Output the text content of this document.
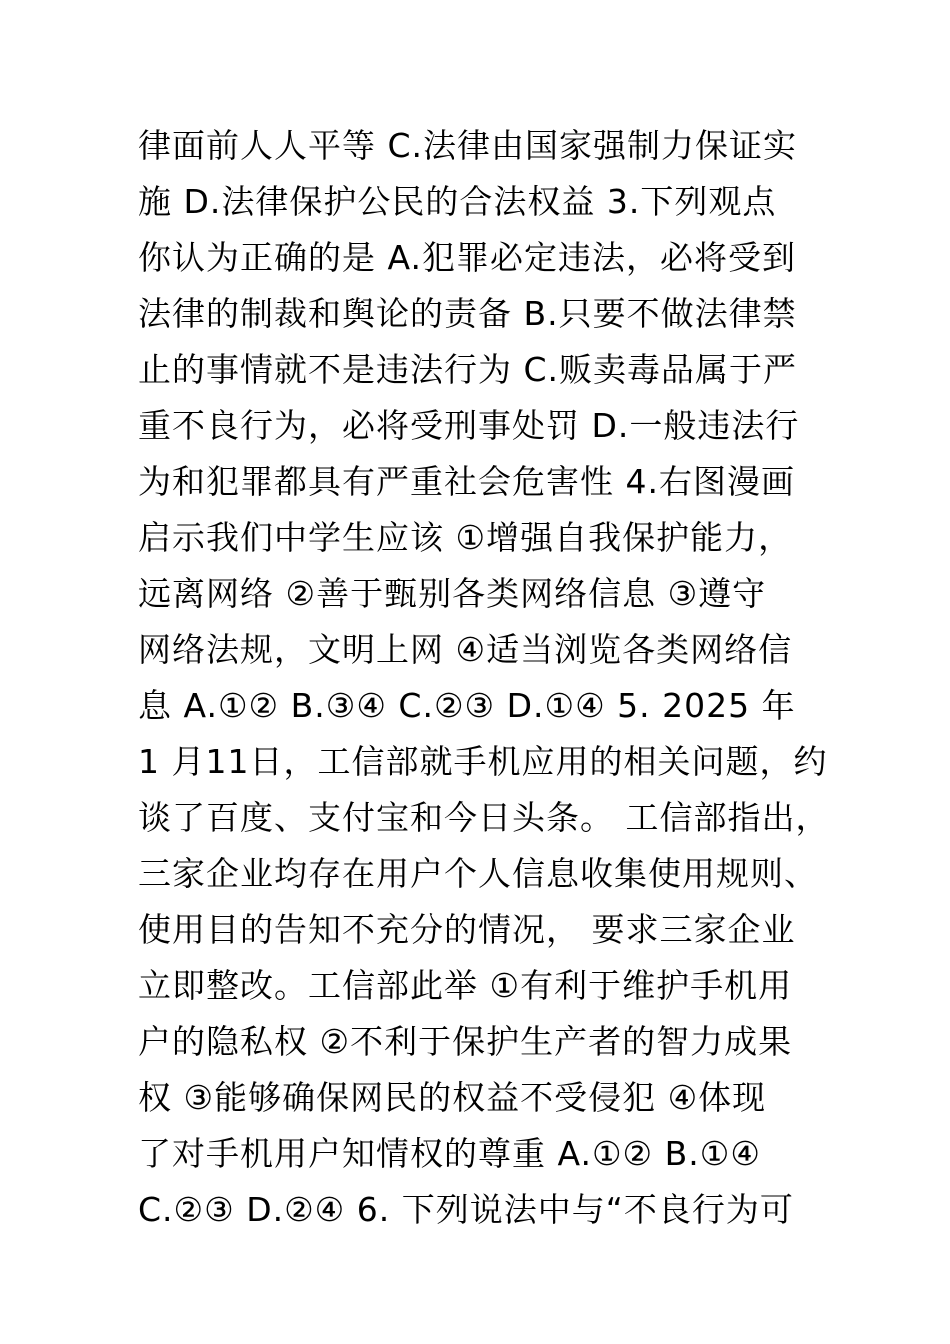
律面前人人平等 C.法律由国家强制力保证实
施 D.法律保护公民的合法权益 3.下列观点
你认为正确的是 A.犯罪必定违法，必将受到
法律的制裁和舆论的责备 B.只要不做法律禁
止的事情就不是违法行为 C.贩卖毒品属于严
重不良行为，必将受刑事处罚 D.一般违法行
为和犯罪都具有严重社会危害性 4.右图漫画
启示我们中学生应该 ①增强自我保护能力，
远离网络 ②善于甄别各类网络信息 ③遵守
网络法规，文明上网 ④适当浏览各类网络信
息 A.①② B.③④ C.②③ D.①④ 5. 2025 年
1 月11日，工信部就手机应用的相关问题，约
谈了百度、支付宝和今日头条。 工信部指出，
三家企业均存在用户个人信息收集使用规则、
使用目的告知不充分的情况， 要求三家企业
立即整改。工信部此举 ①有利于维护手机用
户的隐私权 ②不利于保护生产者的智力成果
权 ③能够确保网民的权益不受侵犯 ④体现
了对手机用户知情权的尊重 A.①② B.①④
C.②③ D.②④ 6. 下列说法中与“不良行为可
